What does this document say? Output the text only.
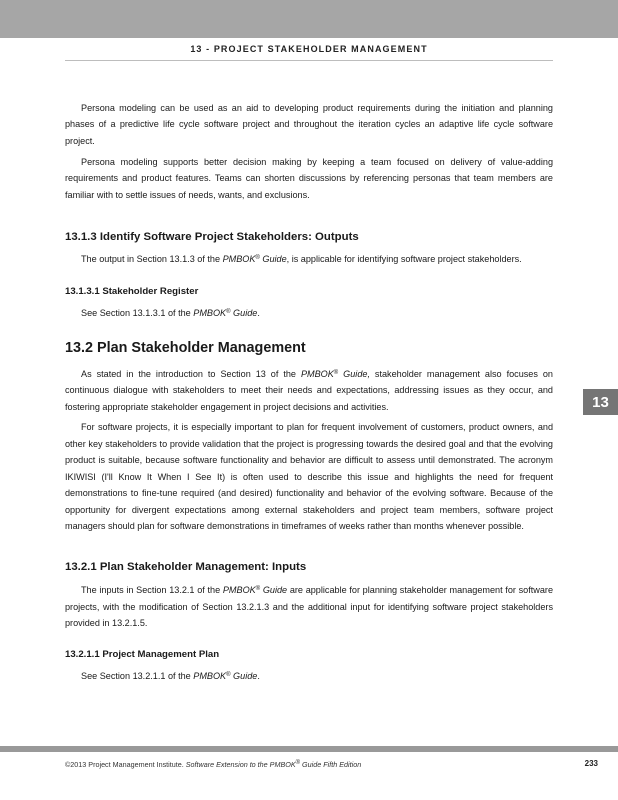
13 - PROJECT STAKEHOLDER MANAGEMENT

Persona modeling can be used as an aid to developing product requirements during the initiation and planning phases of a predictive life cycle software project and throughout the iteration cycles an adaptive life cycle software project.

Persona modeling supports better decision making by keeping a team focused on delivery of value-adding requirements and product features. Teams can shorten discussions by referencing personas that team members are familiar with to settle issues of needs, wants, and exclusions.

13.1.3 Identify Software Project Stakeholders: Outputs

The output in Section 13.1.3 of the PMBOK® Guide, is applicable for identifying software project stakeholders.

13.1.3.1 Stakeholder Register

See Section 13.1.3.1 of the PMBOK® Guide.

13.2 Plan Stakeholder Management

As stated in the introduction to Section 13 of the PMBOK® Guide, stakeholder management also focuses on continuous dialogue with stakeholders to meet their needs and expectations, addressing issues as they occur, and fostering appropriate stakeholder engagement in project decisions and activities.

For software projects, it is especially important to plan for frequent involvement of customers, product owners, and other key stakeholders to provide validation that the project is progressing towards the desired goal and that the evolving product is suitable, because software functionality and behavior are difficult to assess until demonstrated. The acronym IKIWISI (I'll Know It When I See It) is often used to describe this issue and highlights the need for frequent demonstrations to fine-tune required (and desired) functionality and behavior of the evolving software. Because of the opportunity for divergent expectations among external stakeholders and project team members, software project managers should plan for software demonstrations in timeframes of weeks rather than months whenever possible.

13.2.1 Plan Stakeholder Management: Inputs

The inputs in Section 13.2.1 of the PMBOK® Guide are applicable for planning stakeholder management for software projects, with the modification of Section 13.2.1.3 and the additional input for identifying software project stakeholders provided in 13.2.1.5.

13.2.1.1 Project Management Plan

See Section 13.2.1.1 of the PMBOK® Guide.

13
©2013 Project Management Institute. Software Extension to the PMBOK® Guide Fifth Edition	233
